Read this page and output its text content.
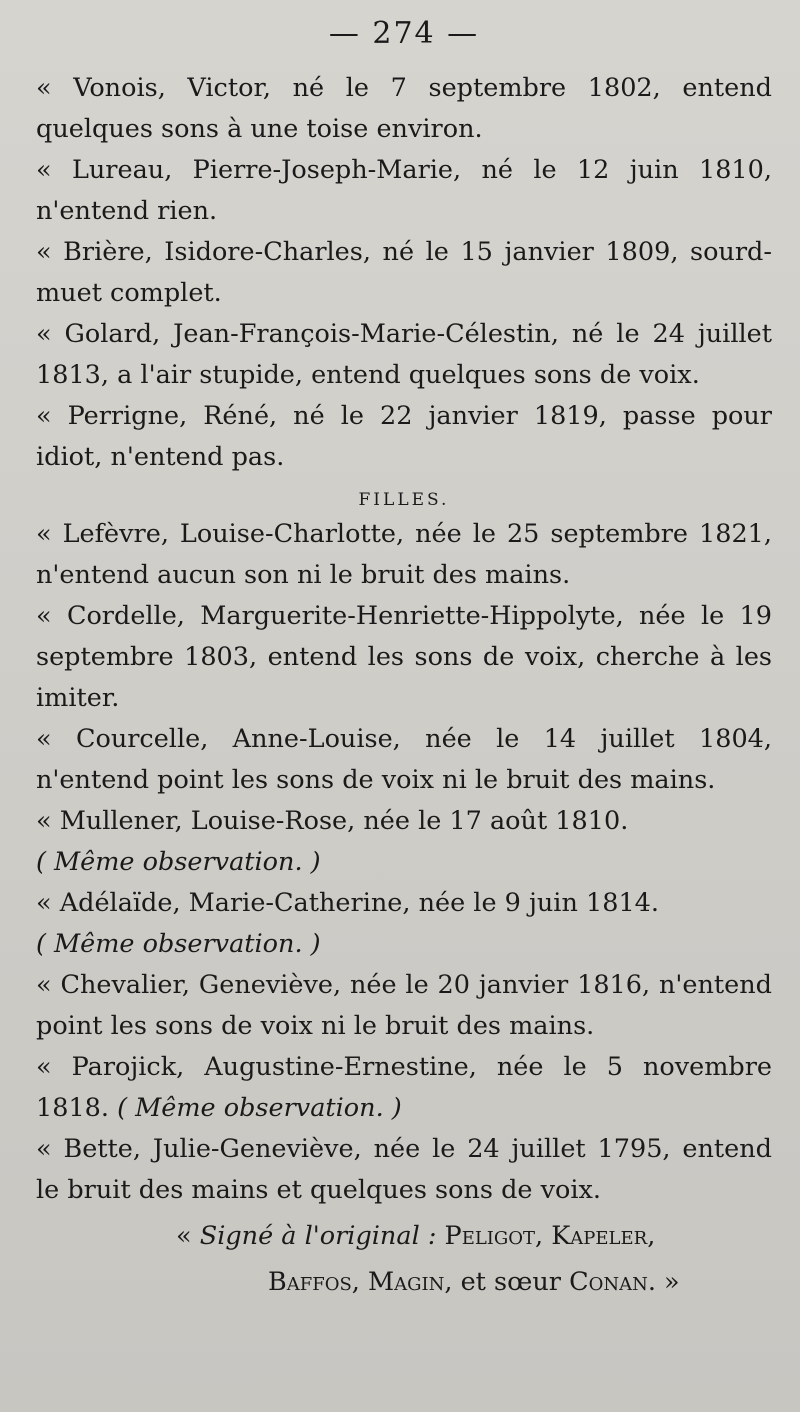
— 274 —

« Vonois, Victor, né le 7 septembre 1802, entend quelques sons à une toise environ.

« Lureau, Pierre-Joseph-Marie, né le 12 juin 1810, n'entend rien.

« Brière, Isidore-Charles, né le 15 janvier 1809, sourd-muet complet.

« Golard, Jean-François-Marie-Célestin, né le 24 juillet 1813, a l'air stupide, entend quelques sons de voix.

« Perrigne, Réné, né le 22 janvier 1819, passe pour idiot, n'entend pas.

FILLES.

« Lefèvre, Louise-Charlotte, née le 25 septembre 1821, n'entend aucun son ni le bruit des mains.

« Cordelle, Marguerite-Henriette-Hippolyte, née le 19 septembre 1803, entend les sons de voix, cherche à les imiter.

« Courcelle, Anne-Louise, née le 14 juillet 1804, n'entend point les sons de voix ni le bruit des mains.

« Mullener, Louise-Rose, née le 17 août 1810.
( Même observation. )

« Adélaïde, Marie-Catherine, née le 9 juin 1814.
( Même observation. )

« Chevalier, Geneviève, née le 20 janvier 1816, n'entend point les sons de voix ni le bruit des mains.

« Parojick, Augustine-Ernestine, née le 5 novembre 1818. ( Même observation. )

« Bette, Julie-Geneviève, née le 24 juillet 1795, entend le bruit des mains et quelques sons de voix.

« Signé à l'original : Peligot, Kapeler,
Baffos, Magin, et sœur Conan. »
